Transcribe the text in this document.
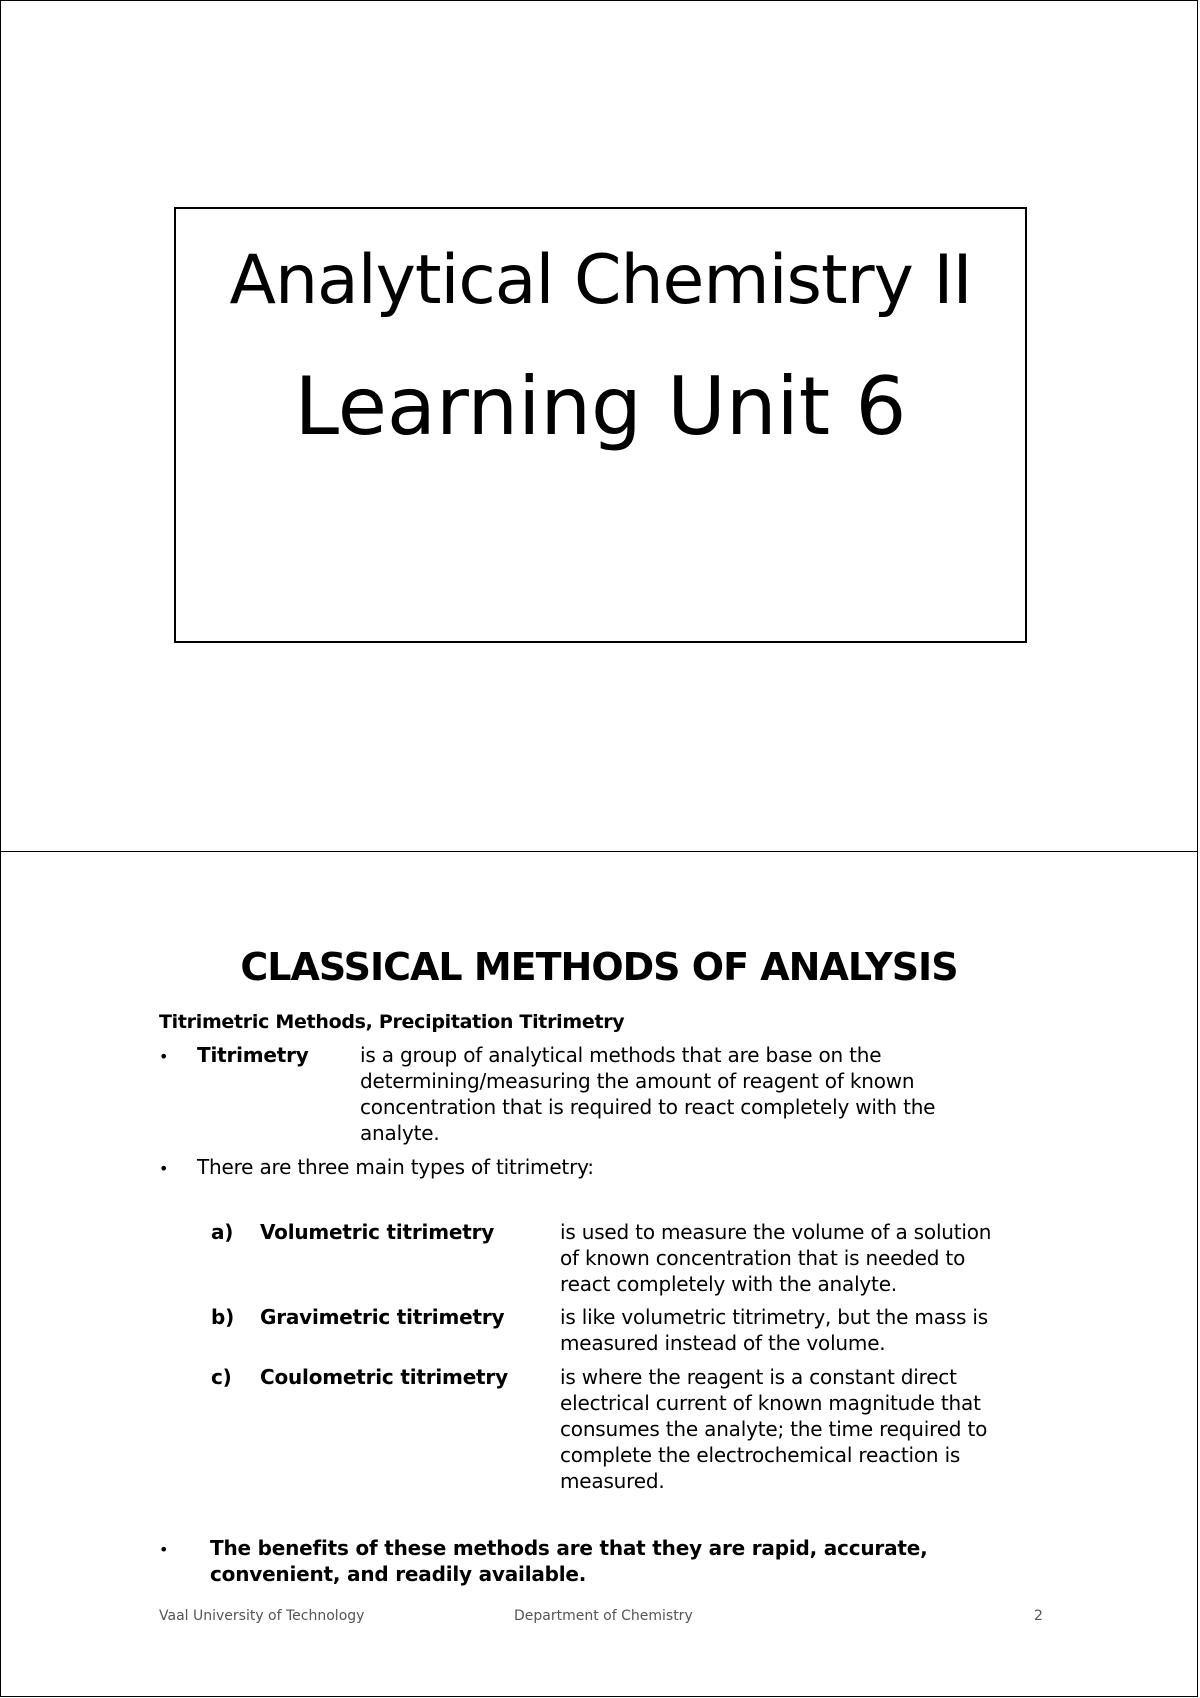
Analytical Chemistry II
Learning Unit 6
CLASSICAL METHODS OF ANALYSIS
Titrimetric Methods, Precipitation Titrimetry
•	Titrimetry	is a group of analytical methods that are base on the
determining/measuring the amount of reagent of known
concentration that is required to react completely with the
analyte.
•	There are three main types of titrimetry:
a) Volumetric titrimetry	is used to measure the volume of a solution
of known concentration that is needed to
react completely with the analyte.
b) Gravimetric titrimetry	is like volumetric titrimetry, but the mass is
measured instead of the volume.
c) Coulometric titrimetry	is where the reagent is a constant direct
electrical current of known magnitude that
consumes the analyte; the time required to
complete the electrochemical reaction is
measured.
•	The benefits of these methods are that they are rapid, accurate,
convenient, and readily available.
Vaal University of Technology	Department of Chemistry	2
